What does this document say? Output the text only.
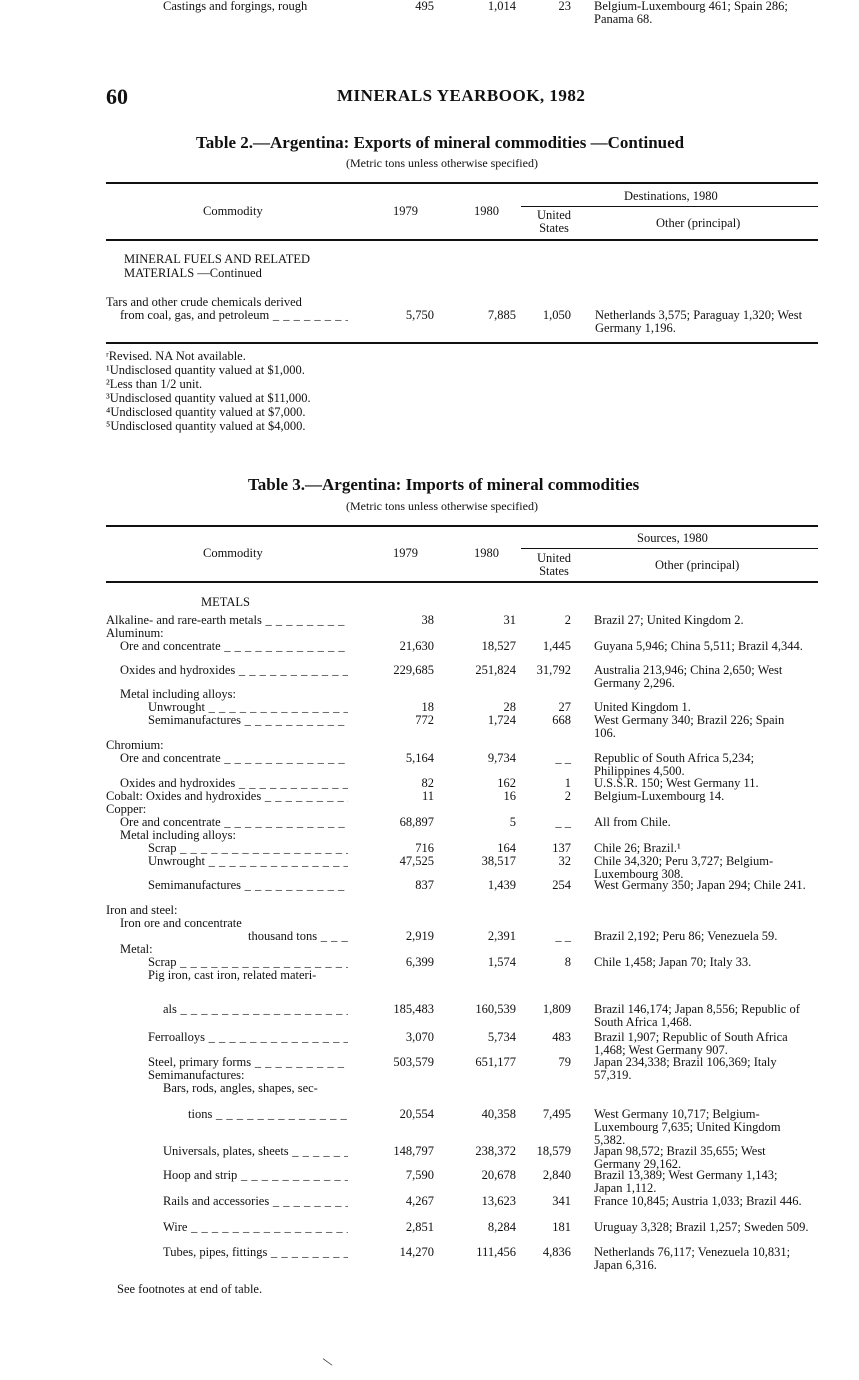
60	MINERALS YEARBOOK, 1982
Table 2.—Argentina: Exports of mineral commodities —Continued
(Metric tons unless otherwise specified)
Destinations, 1980
Commodity	1979	1980	United States	Other (principal)
MINERAL FUELS AND RELATED MATERIALS —Continued
Tars and other crude chemicals derived
from coal, gas, and petroleum _ _ _	5,750	7,885	1,050 Netherlands 3,575; Paraguay 1,320; West Germany 1,196.
ʳRevised. NA Not available.
¹Undisclosed quantity valued at $1,000.
²Less than 1/2 unit.
³Undisclosed quantity valued at $11,000.
⁴Undisclosed quantity valued at $7,000.
⁵Undisclosed quantity valued at $4,000.
Table 3.—Argentina: Imports of mineral commodities
(Metric tons unless otherwise specified)
Sources, 1980
Commodity	1979	1980	United States	Other (principal)
METALS
Alkaline- and rare-earth metals _ _ _	38	31	2 Brazil 27; United Kingdom 2.
Aluminum:
Ore and concentrate _ _ _	21,630	18,527	1,445 Guyana 5,946; China 5,511; Brazil 4,344.
Oxides and hydroxides _ _ _	229,685	251,824	31,792 Australia 213,946; China 2,650; West Germany 2,296.
Metal including alloys:
Unwrought _ _ _	18	28	27 United Kingdom 1.
Semimanufactures _ _ _	772	1,724	668 West Germany 340; Brazil 226; Spain 106.
Chromium:
Ore and concentrate _ _ _	5,164	9,734	_ _ Republic of South Africa 5,234; Philippines 4,500.
Oxides and hydroxides _ _ _	82	162	1 U.S.S.R. 150; West Germany 11.
Cobalt: Oxides and hydroxides _ _ _	11	16	2 Belgium-Luxembourg 14.
Copper:
Ore and concentrate _ _ _	68,897	5	_ _ All from Chile.
Metal including alloys:
Scrap _ _ _	716	164	137 Chile 26; Brazil.¹
Unwrought _ _ _	47,525	38,517	32 Chile 34,320; Peru 3,727; Belgium-Luxembourg 308.
Semimanufactures _ _ _	837	1,439	254 West Germany 350; Japan 294; Chile 241.
Iron and steel:
Iron ore and concentrate
thousand tons _ _ _	2,919	2,391	_ _ Brazil 2,192; Peru 86; Venezuela 59.
Metal:
Scrap _ _ _	6,399	1,574	8 Chile 1,458; Japan 70; Italy 33.
Pig iron, cast iron, related materi-
als _ _ _	185,483	160,539	1,809 Brazil 146,174; Japan 8,556; Republic of South Africa 1,468.
Ferroalloys _ _ _	3,070	5,734	483 Brazil 1,907; Republic of South Africa 1,468; West Germany 907.
Steel, primary forms _ _ _	503,579	651,177	79 Japan 234,338; Brazil 106,369; Italy 57,319.
Semimanufactures:
Bars, rods, angles, shapes, sec-
tions _ _ _	20,554	40,358	7,495 West Germany 10,717; Belgium-Luxembourg 7,635; United Kingdom 5,382.
Universals, plates, sheets _ _ _	148,797	238,372	18,579 Japan 98,572; Brazil 35,655; West Germany 29,162.
Hoop and strip _ _ _	7,590	20,678	2,840 Brazil 13,389; West Germany 1,143; Japan 1,112.
Rails and accessories _ _ _	4,267	13,623	341 France 10,845; Austria 1,033; Brazil 446.
Wire _ _ _	2,851	8,284	181 Uruguay 3,328; Brazil 1,257; Sweden 509.
Tubes, pipes, fittings _ _ _	14,270	111,456	4,836 Netherlands 76,117; Venezuela 10,831; Japan 6,316.
Castings and forgings, rough	495	1,014	23 Belgium-Luxembourg 461; Spain 286; Panama 68.
See footnotes at end of table.
\
